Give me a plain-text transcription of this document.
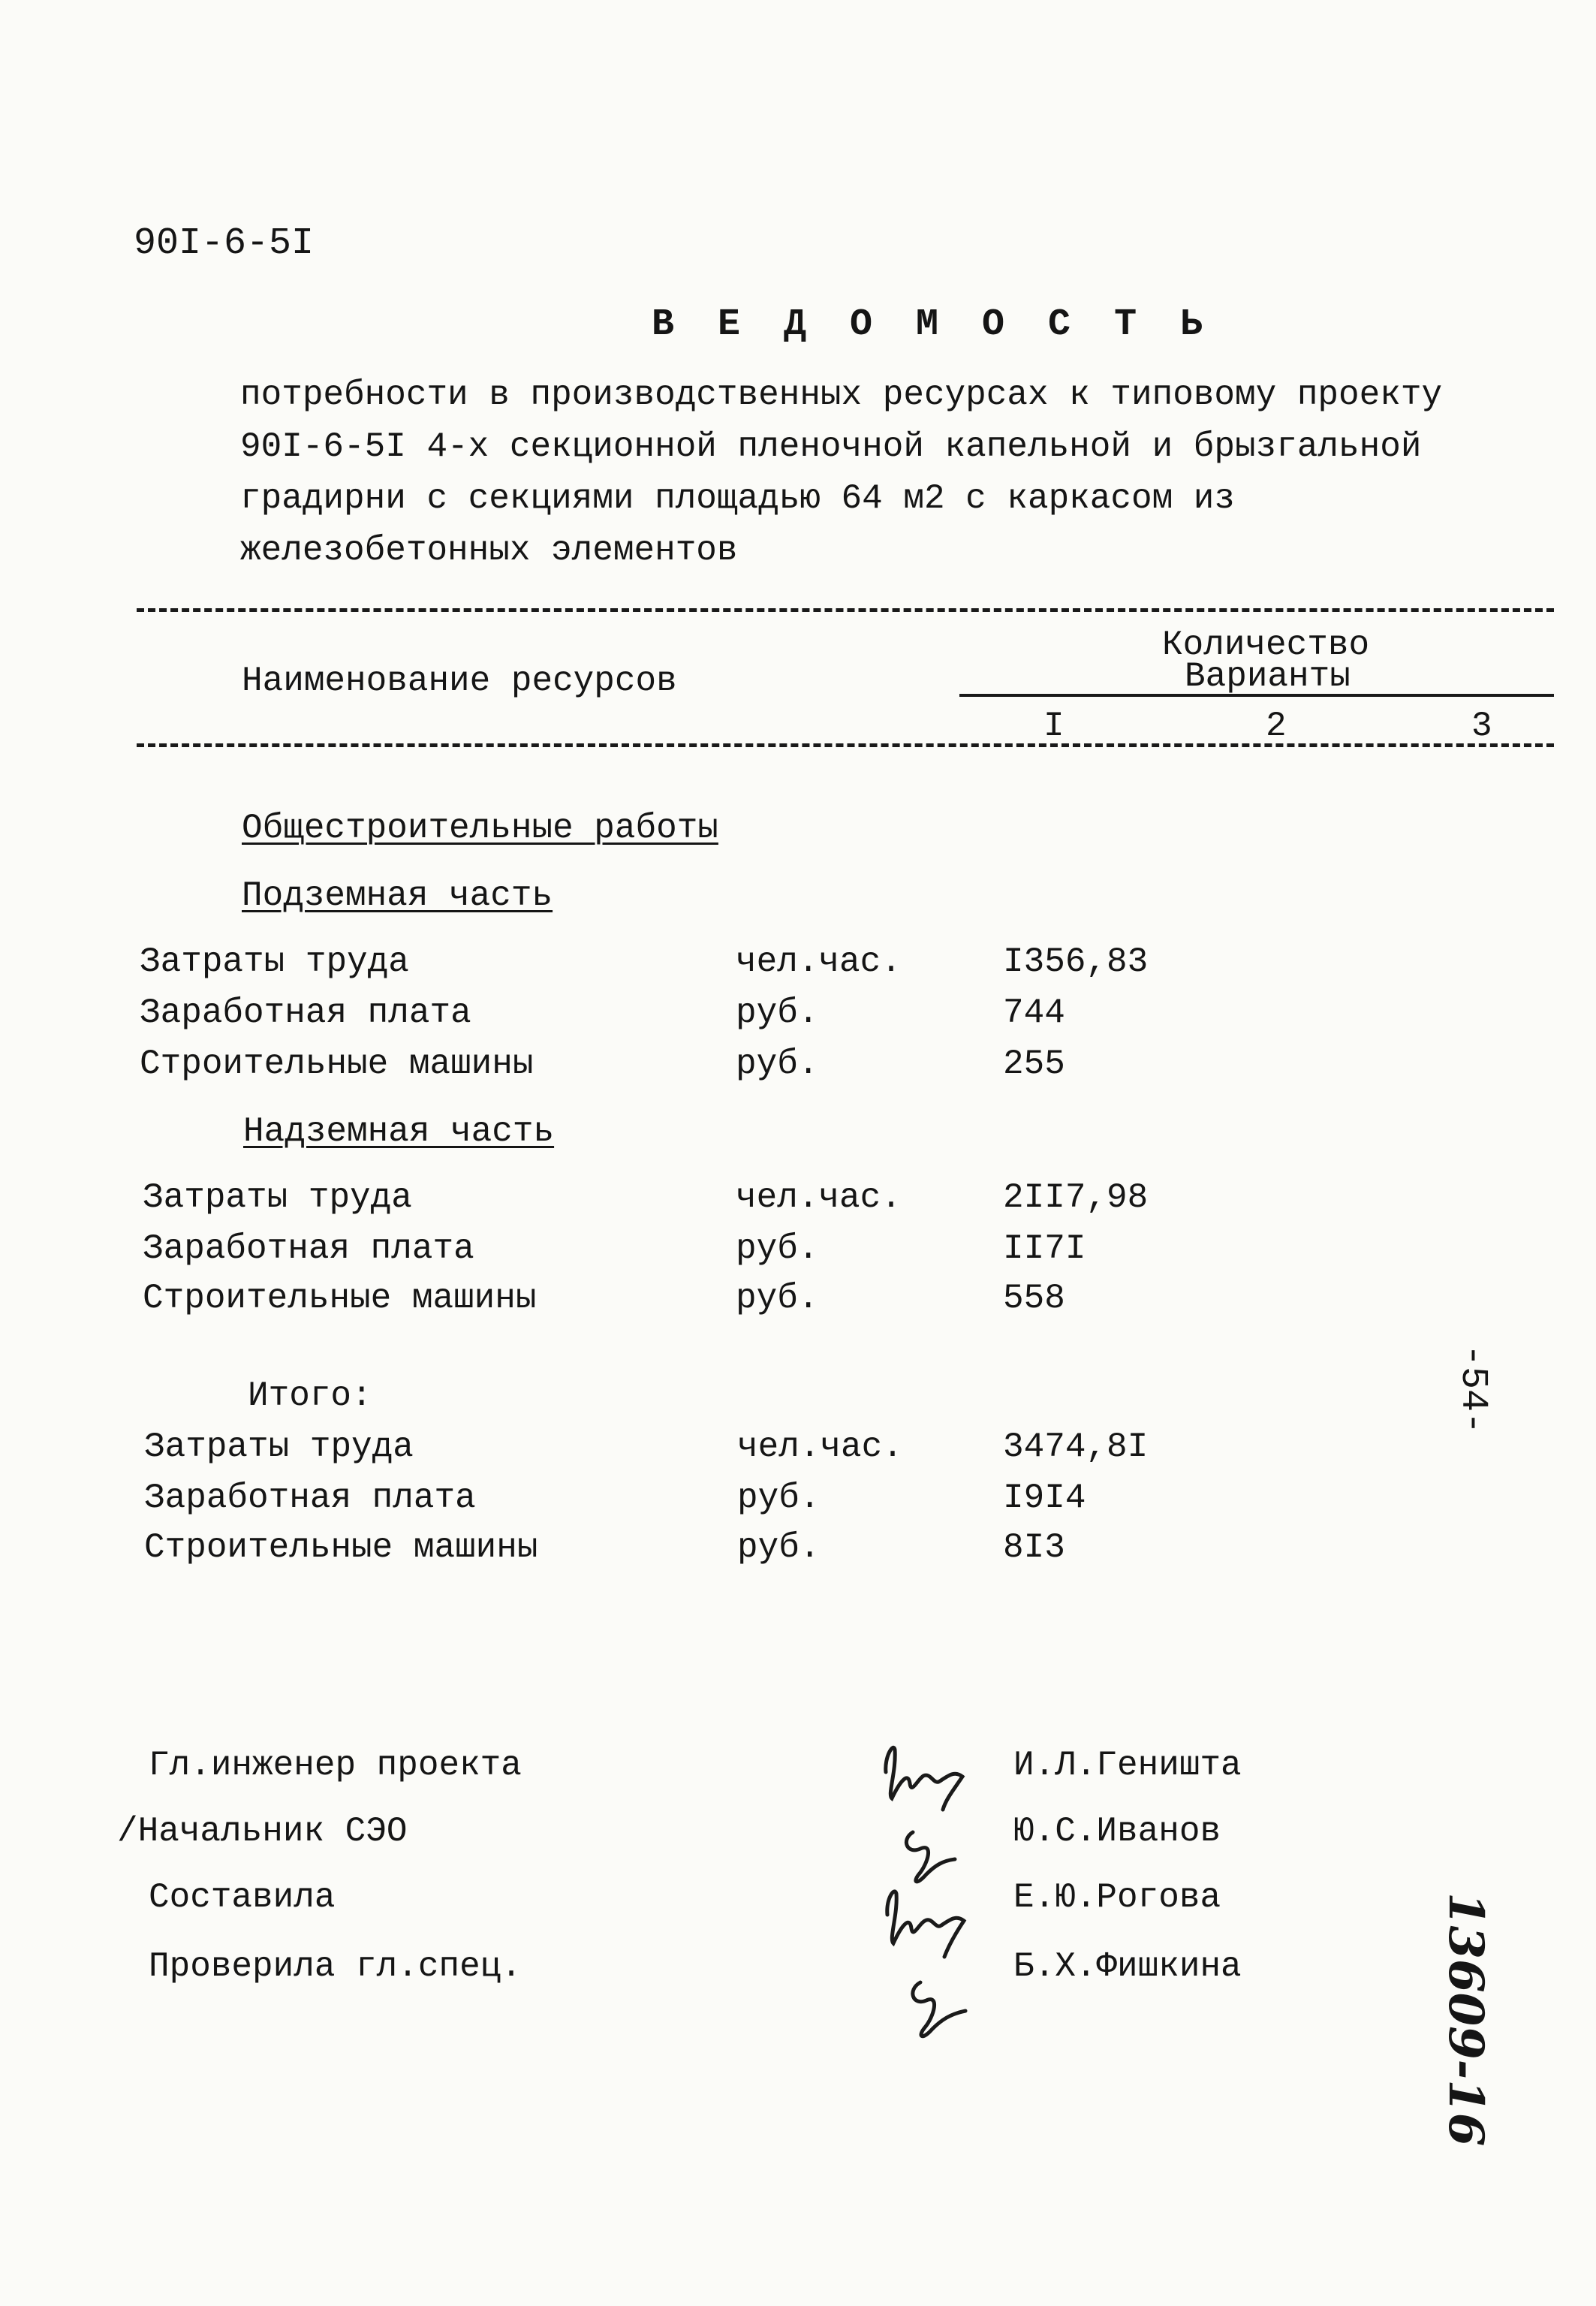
90I-6-5I
В Е Д О М О С Т Ь
потребности в производственных ресурсах к типовому проекту 90I-6-5I 4-х секционной пленочной капельной и брызгальной градирни с секциями площадью 64 м2 с каркасом из железобетонных элементов
Количество
Наименование ресурсов	Варианты
I	2	3
Общестроительные работы
Подземная часть
Затраты труда	чел.час.	I356,83
Заработная плата	руб.	744
Строительные машины	руб.	255
Надземная часть
Затраты труда	чел.час.	2II7,98
Заработная плата	руб.	II7I
Строительные машины	руб.	558
Итого:
Затраты труда	чел.час.	3474,8I
Заработная плата	руб.	I9I4
Строительные машины	руб.	8I3
-54-
Гл.инженер проекта	И.Л.Геништа
/Начальник СЭО	Ю.С.Иванов
Составила	Е.Ю.Рогова
Проверила гл.спец.	Б.Х.Фишкина	13609-16
